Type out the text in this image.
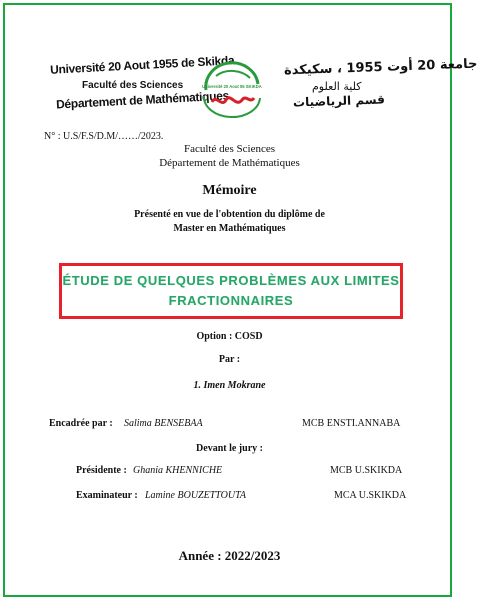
Université 20 Aout 1955 de Skikda
Faculté des Sciences
Département de Mathématiques
جامعة 20 أوت 1955 ، سكيكدة
كلية العلوم
قسم الرياضيات
Université 20 Aout 55 SKIKDA
N° : U.S/F.S/D.M/……/2023.
Faculté des Sciences
Département de Mathématiques
Mémoire
Présenté en vue de l'obtention du diplôme de
Master en Mathématiques
ÉTUDE DE QUELQUES PROBLÈMES AUX LIMITES FRACTIONNAIRES
Option : COSD
Par :
1. Imen Mokrane
Encadrée par : Salima BENSEBAA	MCB ENSTI.ANNABA
Devant le jury :
Présidente : Ghania KHENNICHE	MCB U.SKIKDA
Examinateur : Lamine BOUZETTOUTA	MCA U.SKIKDA
Année : 2022/2023
